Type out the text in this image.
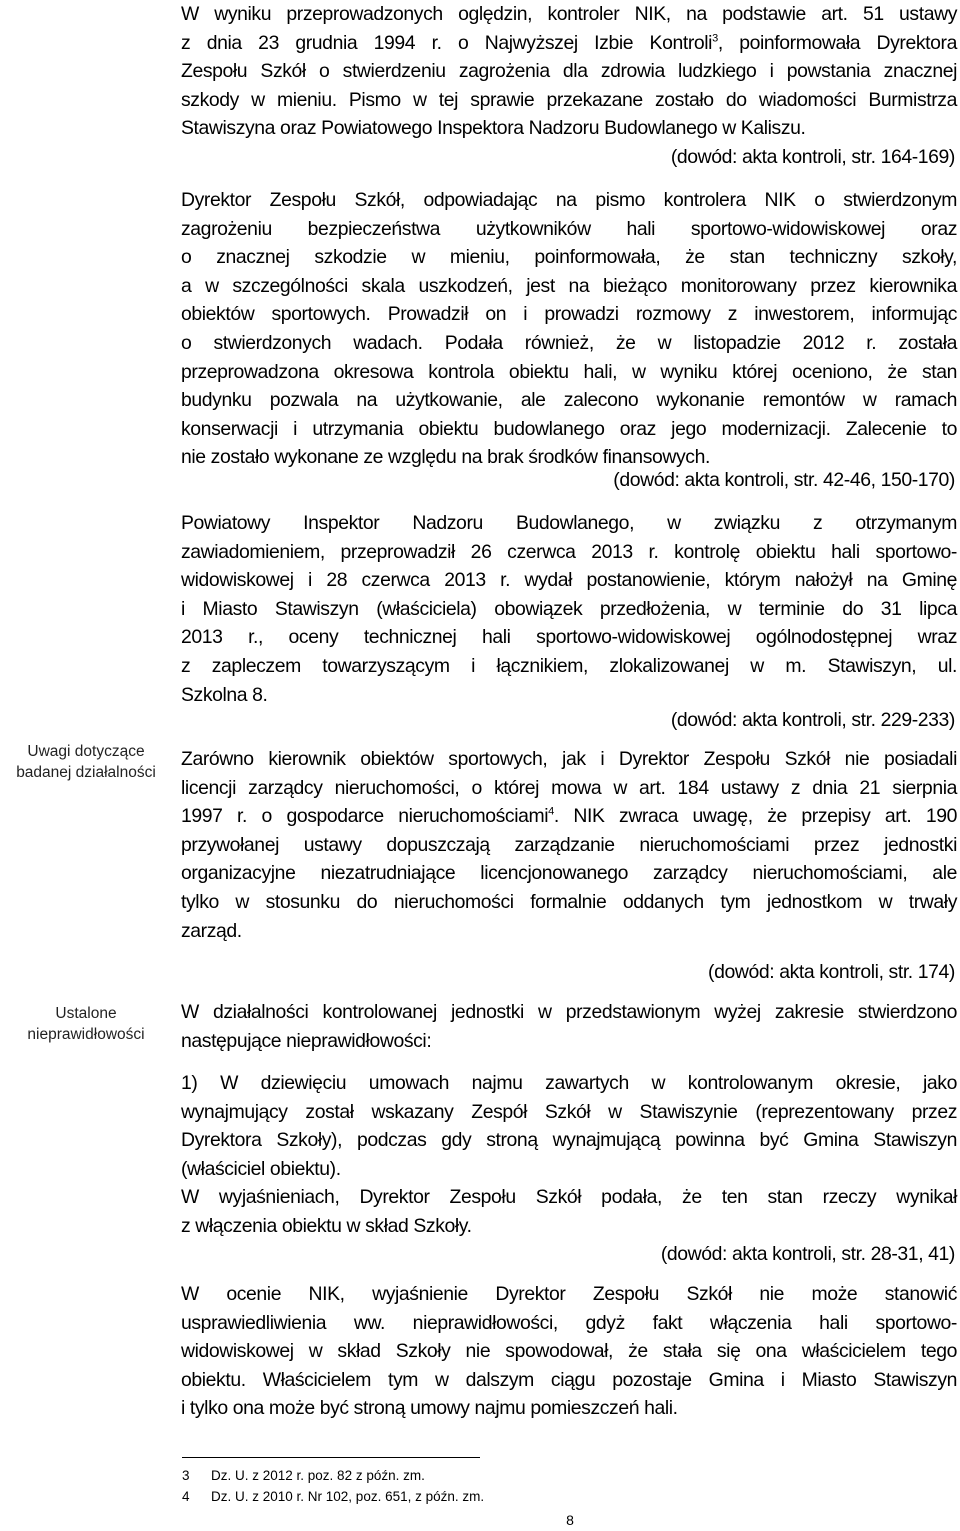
Uwagi dotyczące badanej działalności
Ustalone nieprawidłowości
W wyniku przeprowadzonych oględzin, kontroler NIK, na podstawie art. 51 ustawy
z dnia 23 grudnia 1994 r. o Najwyższej Izbie Kontroli$^3$, poinformowała Dyrektora
Zespołu Szkół o stwierdzeniu zagrożenia dla zdrowia ludzkiego i powstania znacznej
szkody w mieniu. Pismo w tej sprawie przekazane zostało do wiadomości Burmistrza
Stawiszyna oraz Powiatowego Inspektora Nadzoru Budowlanego w Kaliszu.
(dowód: akta kontroli, str. 164-169)
Dyrektor Zespołu Szkół, odpowiadając na pismo kontrolera NIK o stwierdzonym
zagrożeniu bezpieczeństwa użytkowników hali sportowo-widowiskowej oraz
o znacznej szkodzie w mieniu, poinformowała, że stan techniczny szkoły,
a w szczególności skala uszkodzeń, jest na bieżąco monitorowany przez kierownika
obiektów sportowych. Prowadził on i prowadzi rozmowy z inwestorem, informując
o stwierdzonych wadach. Podała również, że w listopadzie 2012 r. została
przeprowadzona okresowa kontrola obiektu hali, w wyniku której oceniono, że stan
budynku pozwala na użytkowanie, ale zalecono wykonanie remontów w ramach
konserwacji i utrzymania obiektu budowlanego oraz jego modernizacji. Zalecenie to
nie zostało wykonane ze względu na brak środków finansowych.
(dowód: akta kontroli, str. 42-46, 150-170)
Powiatowy Inspektor Nadzoru Budowlanego, w związku z otrzymanym
zawiadomieniem, przeprowadził 26 czerwca 2013 r. kontrolę obiektu hali sportowo-
widowiskowej i 28 czerwca 2013 r. wydał postanowienie, którym nałożył na Gminę
i Miasto Stawiszyn (właściciela) obowiązek przedłożenia, w terminie do 31 lipca
2013 r., oceny technicznej hali sportowo-widowiskowej ogólnodostępnej wraz
z zapleczem towarzyszącym i łącznikiem, zlokalizowanej w m. Stawiszyn, ul.
Szkolna 8.
(dowód: akta kontroli, str. 229-233)
Zarówno kierownik obiektów sportowych, jak i Dyrektor Zespołu Szkół nie posiadali
licencji zarządcy nieruchomości, o której mowa w art. 184 ustawy z dnia 21 sierpnia
1997 r. o gospodarce nieruchomościami$^4$. NIK zwraca uwagę, że przepisy art. 190
przywołanej ustawy dopuszczają zarządzanie nieruchomościami przez jednostki
organizacyjne niezatrudniające licencjonowanego zarządcy nieruchomościami, ale
tylko w stosunku do nieruchomości formalnie oddanych tym jednostkom w trwały
zarząd.
(dowód: akta kontroli, str. 174)
W działalności kontrolowanej jednostki w przedstawionym wyżej zakresie stwierdzono
następujące nieprawidłowości:
1) W dziewięciu umowach najmu zawartych w kontrolowanym okresie, jako
wynajmujący został wskazany Zespół Szkół w Stawiszynie (reprezentowany przez
Dyrektora Szkoły), podczas gdy stroną wynajmującą powinna być Gmina Stawiszyn
(właściciel obiektu).
W wyjaśnieniach, Dyrektor Zespołu Szkół podała, że ten stan rzeczy wynikał
z włączenia obiektu w skład Szkoły.
(dowód: akta kontroli, str. 28-31, 41)
W ocenie NIK, wyjaśnienie Dyrektor Zespołu Szkół nie może stanowić
usprawiedliwienia ww. nieprawidłowości, gdyż fakt włączenia hali sportowo-
widowiskowej w skład Szkoły nie spowodował, że stała się ona właścicielem tego
obiektu. Właścicielem tym w dalszym ciągu pozostaje Gmina i Miasto Stawiszyn
i tylko ona może być stroną umowy najmu pomieszczeń hali.
3 Dz. U. z 2012 r. poz. 82 z późn. zm.
4 Dz. U. z 2010 r. Nr 102, poz. 651, z późn. zm.
8
